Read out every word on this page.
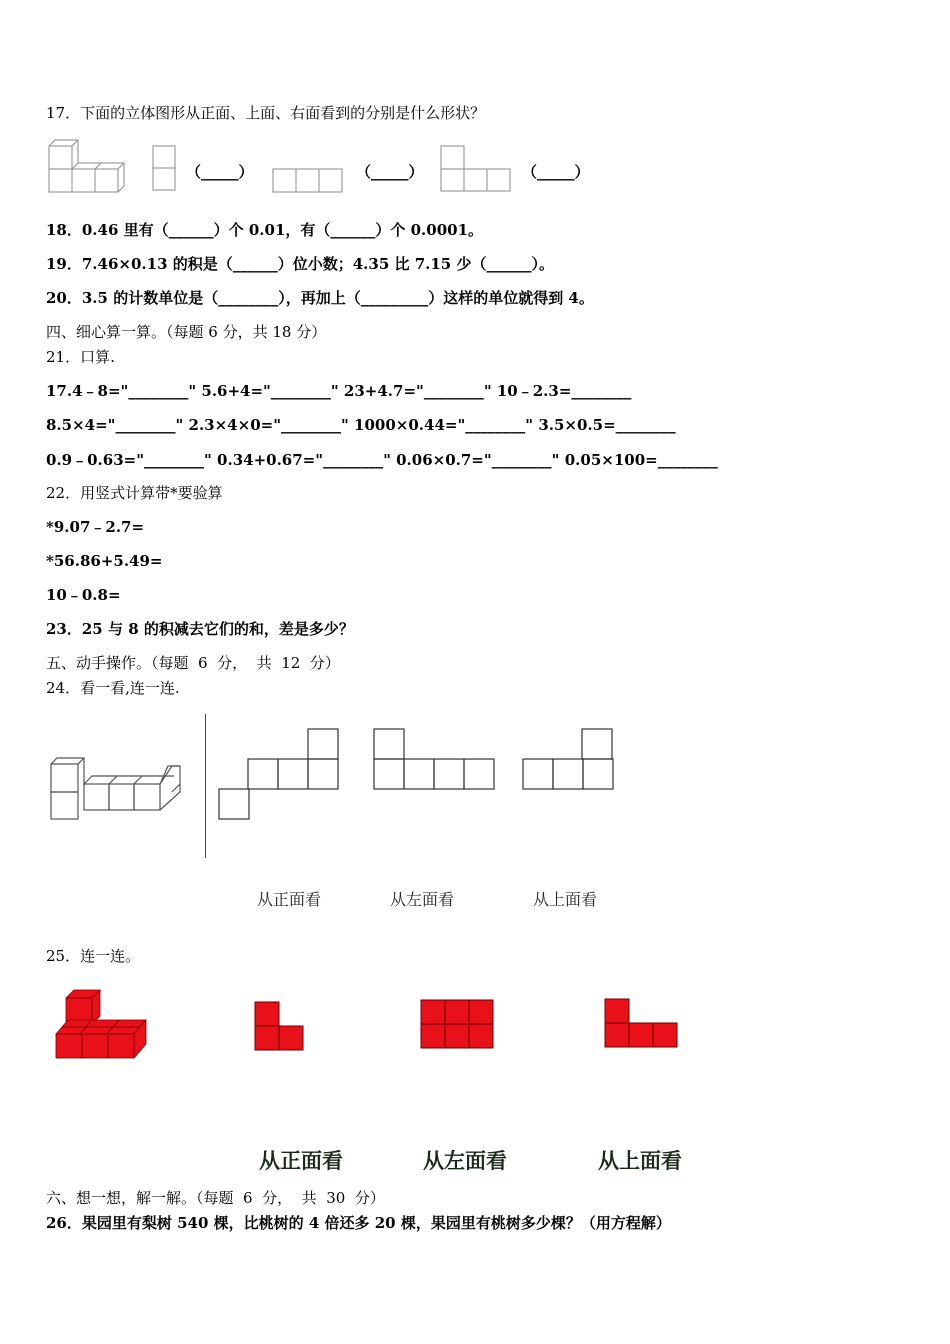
17．下面的立体图形从正面、上面、右面看到的分别是什么形状？
（_____）	（_____）	（_____）
18．0.46 里有（______）个 0.01，有（______）个 0.0001。
19．7.46×0.13 的积是（______）位小数；4.35 比 7.15 少（______）。
20．3.5 的计数单位是（________），再加上（_________）这样的单位就得到 4。
四、细心算一算。（每题 6 分，共 18 分）
21．口算.
17.4﹣8="________" 5.6+4="________" 23+4.7="________" 10﹣2.3=________
8.5×4="________" 2.3×4×0="________" 1000×0.44="________" 3.5×0.5=________
0.9﹣0.63="________" 0.34+0.67="________" 0.06×0.7="________" 0.05×100=________
22．用竖式计算带*要验算
*9.07﹣2.7=
*56.86+5.49=
10﹣0.8=
23．25 与 8 的积减去它们的和，差是多少？
五、动手操作。（每题  6  分，  共  12  分）
24．看一看,连一连.
从正面看	从左面看	从上面看
25．连一连。
从正面看	从左面看	从上面看
六、想一想，解一解。（每题  6  分，  共  30  分）
26．果园里有梨树 540 棵，比桃树的 4 倍还多 20 棵，果园里有桃树多少棵？（用方程解）
